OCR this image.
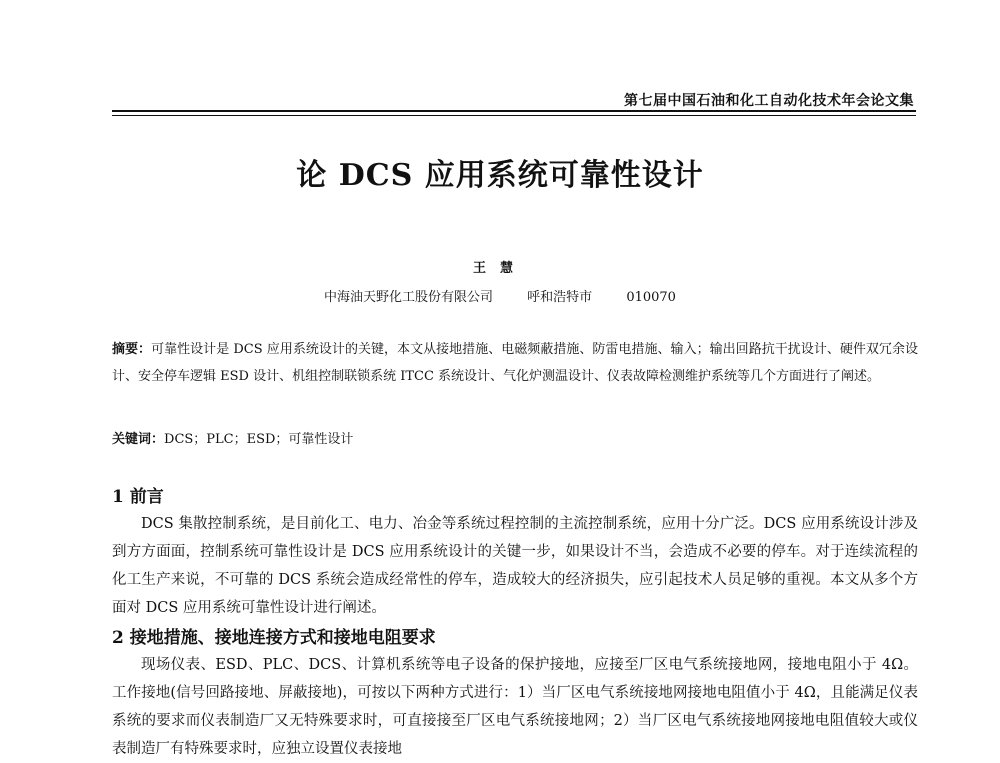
第七届中国石油和化工自动化技术年会论文集
论 DCS 应用系统可靠性设计
王慧
中海油天野化工股份有限公司	呼和浩特市	010070
摘要：可靠性设计是 DCS 应用系统设计的关键，本文从接地措施、电磁频蔽措施、防雷电措施、输入；输出回路抗干扰设计、硬件双冗余设计、安全停车逻辑 ESD 设计、机组控制联锁系统 ITCC 系统设计、气化炉测温设计、仪表故障检测维护系统等几个方面进行了阐述。
关键词：DCS；PLC；ESD；可靠性设计
1 前言
DCS 集散控制系统，是目前化工、电力、冶金等系统过程控制的主流控制系统，应用十分广泛。DCS 应用系统设计涉及到方方面面，控制系统可靠性设计是 DCS 应用系统设计的关键一步，如果设计不当，会造成不必要的停车。对于连续流程的化工生产来说，不可靠的 DCS 系统会造成经常性的停车，造成较大的经济损失，应引起技术人员足够的重视。本文从多个方面对 DCS 应用系统可靠性设计进行阐述。
2 接地措施、接地连接方式和接地电阻要求
现场仪表、ESD、PLC、DCS、计算机系统等电子设备的保护接地，应接至厂区电气系统接地网，接地电阻小于 4Ω。 工作接地(信号回路接地、屏蔽接地)，可按以下两种方式进行：1）当厂区电气系统接地网接地电阻值小于 4Ω，且能满足仪表系统的要求而仪表制造厂又无特殊要求时，可直接接至厂区电气系统接地网；2）当厂区电气系统接地网接地电阻值较大或仪表制造厂有特殊要求时，应独立设置仪表接地
